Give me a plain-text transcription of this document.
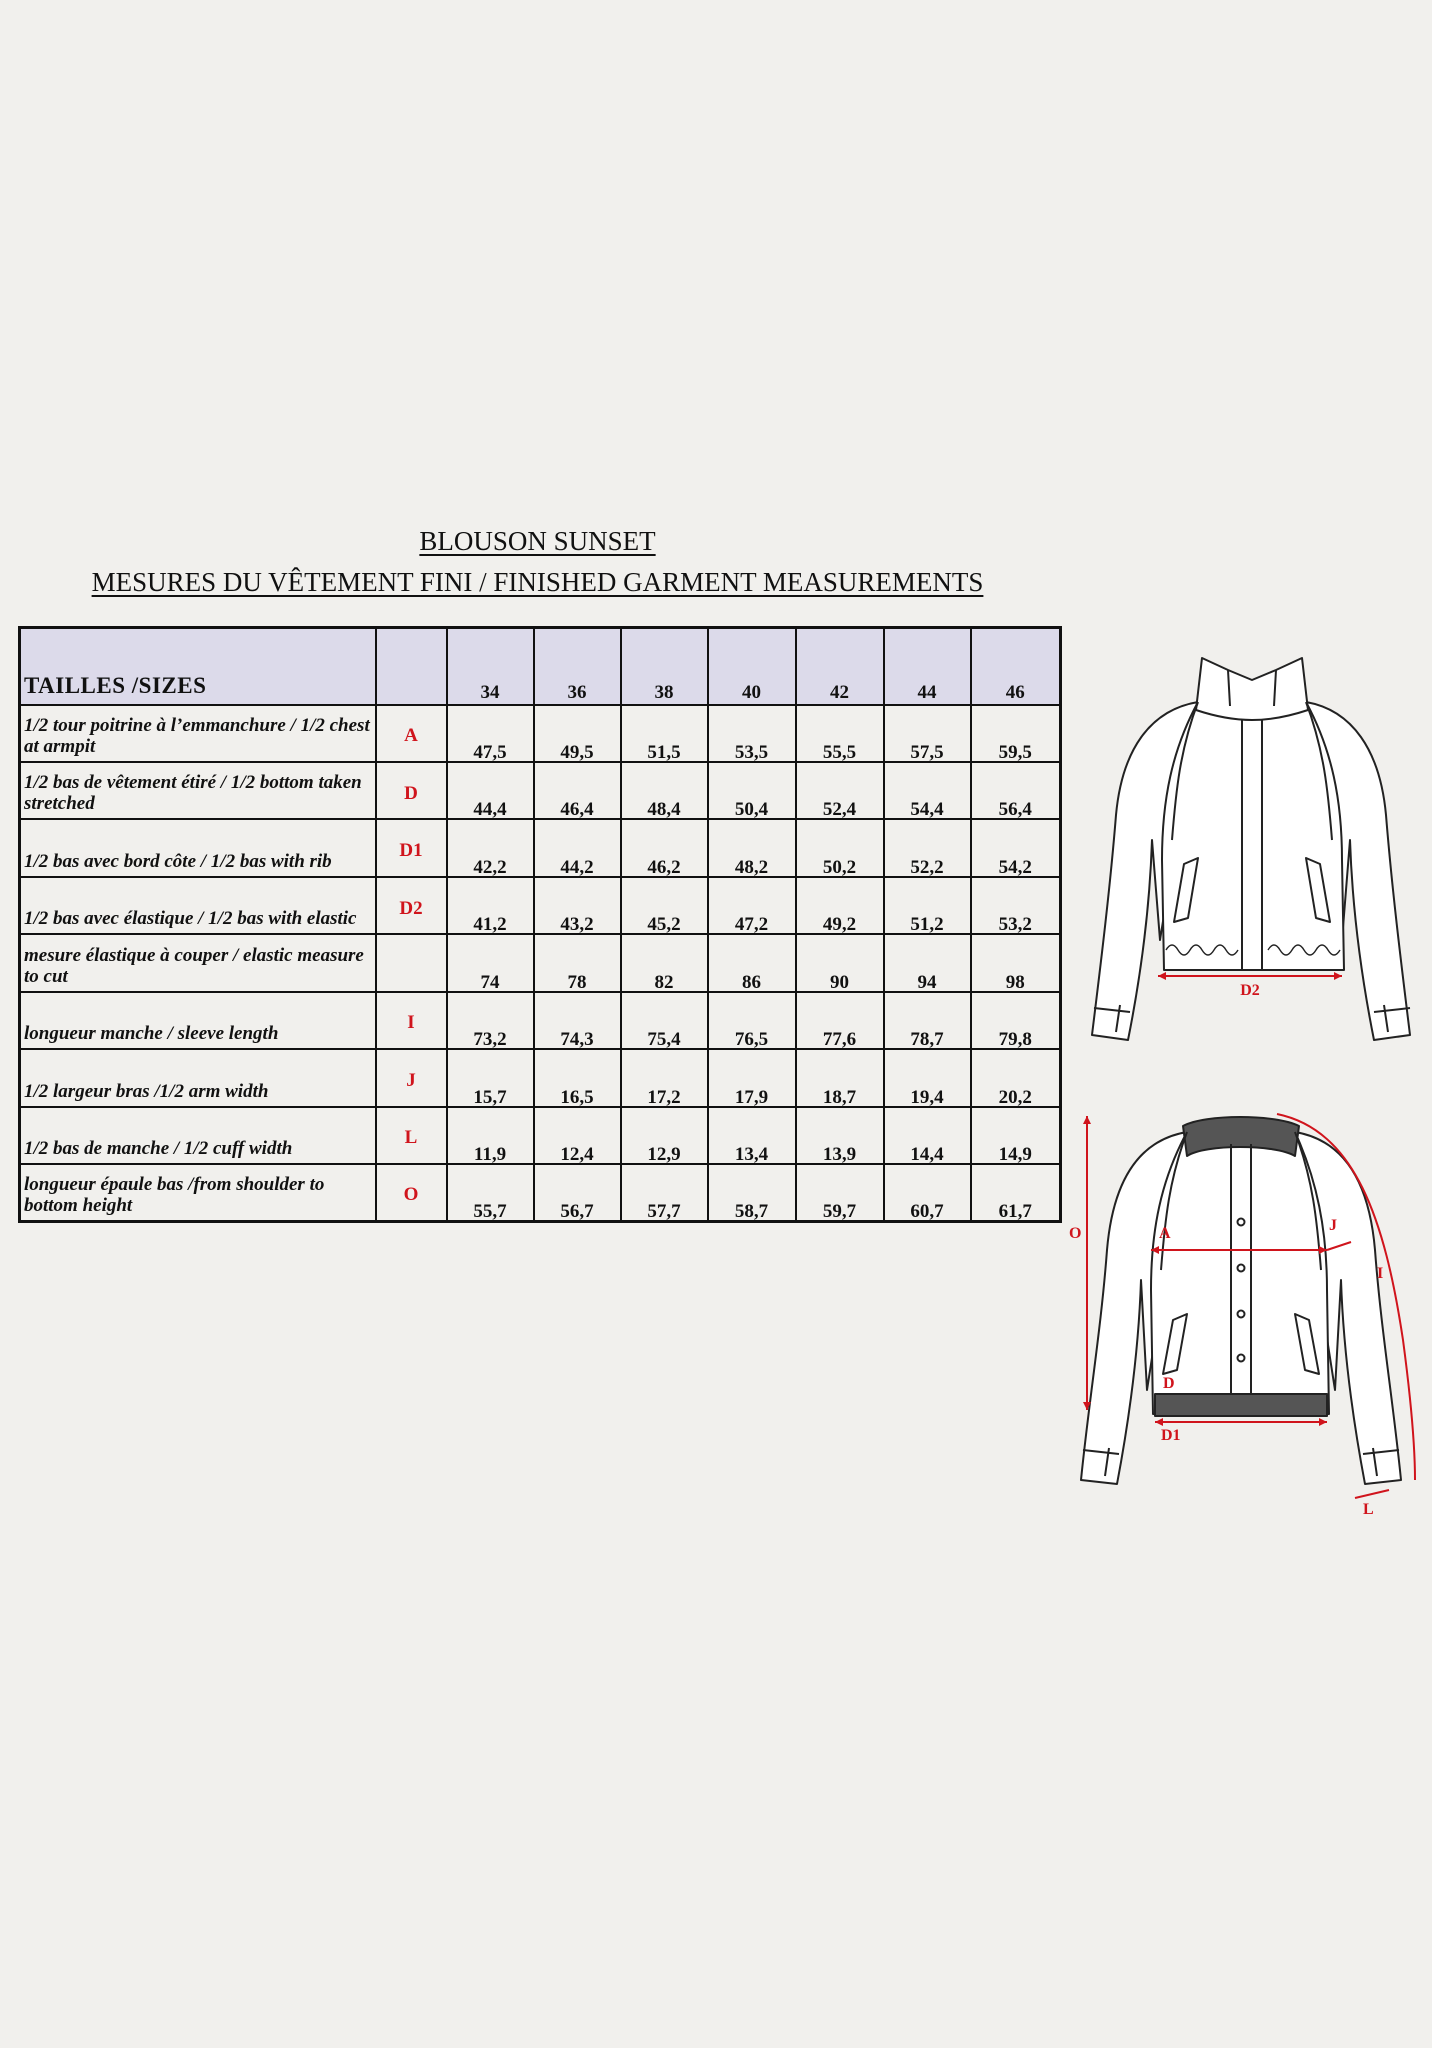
BLOUSON SUNSET
MESURES DU VÊTEMENT FINI / FINISHED GARMENT MEASUREMENTS
TAILLES /SIZES		34	36	38	40	42	44	46
1/2 tour poitrine à l’emmanchure / 1/2 chest at armpit	A	47,5	49,5	51,5	53,5	55,5	57,5	59,5
1/2 bas de vêtement étiré / 1/2 bottom taken stretched	D	44,4	46,4	48,4	50,4	52,4	54,4	56,4
1/2 bas avec bord côte / 1/2 bas with rib	D1	42,2	44,2	46,2	48,2	50,2	52,2	54,2
1/2 bas avec élastique / 1/2 bas with elastic	D2	41,2	43,2	45,2	47,2	49,2	51,2	53,2
mesure élastique à couper / elastic measure to cut		74	78	82	86	90	94	98
longueur manche / sleeve length	I	73,2	74,3	75,4	76,5	77,6	78,7	79,8
1/2 largeur bras /1/2 arm width	J	15,7	16,5	17,2	17,9	18,7	19,4	20,2
1/2 bas de manche / 1/2 cuff width	L	11,9	12,4	12,9	13,4	13,9	14,4	14,9
longueur épaule bas /from shoulder to bottom height	O	55,7	56,7	57,7	58,7	59,7	60,7	61,7
D2
O	A	J
I
D
D1
L
